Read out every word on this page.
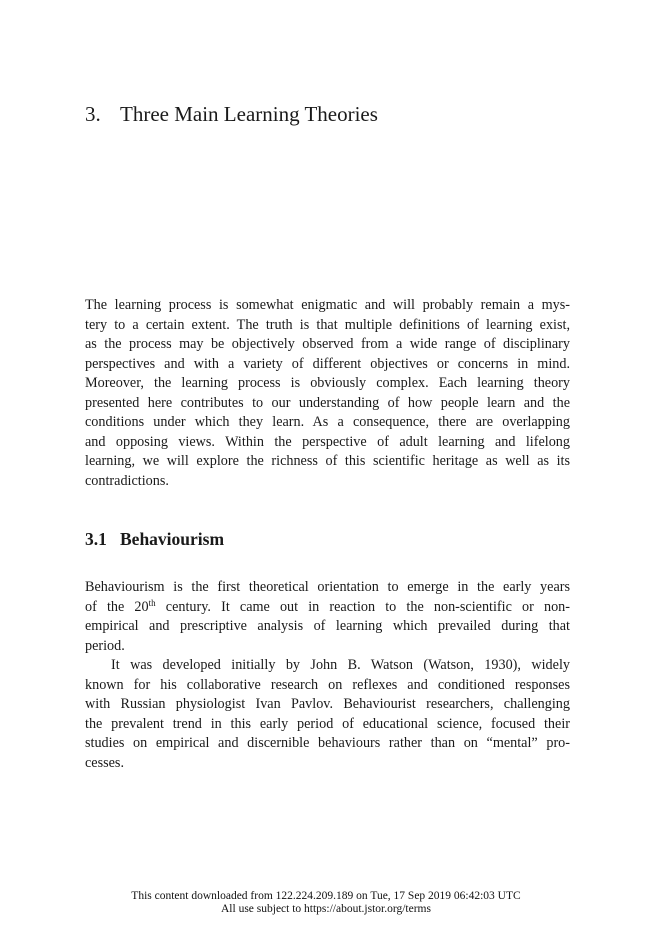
3. Three Main Learning Theories
The learning process is somewhat enigmatic and will probably remain a mys-
tery to a certain extent. The truth is that multiple definitions of learning exist,
as the process may be objectively observed from a wide range of disciplinary
perspectives and with a variety of different objectives or concerns in mind.
Moreover, the learning process is obviously complex. Each learning theory
presented here contributes to our understanding of how people learn and the
conditions under which they learn. As a consequence, there are overlapping
and opposing views. Within the perspective of adult learning and lifelong
learning, we will explore the richness of this scientific heritage as well as its
contradictions.
3.1 Behaviourism
Behaviourism is the first theoretical orientation to emerge in the early years
of the 20th century. It came out in reaction to the non-scientific or non-
empirical and prescriptive analysis of learning which prevailed during that
period.
It was developed initially by John B. Watson (Watson, 1930), widely
known for his collaborative research on reflexes and conditioned responses
with Russian physiologist Ivan Pavlov. Behaviourist researchers, challenging
the prevalent trend in this early period of educational science, focused their
studies on empirical and discernible behaviours rather than on “mental” pro-
cesses.
This content downloaded from 122.224.209.189 on Tue, 17 Sep 2019 06:42:03 UTC
All use subject to https://about.jstor.org/terms
